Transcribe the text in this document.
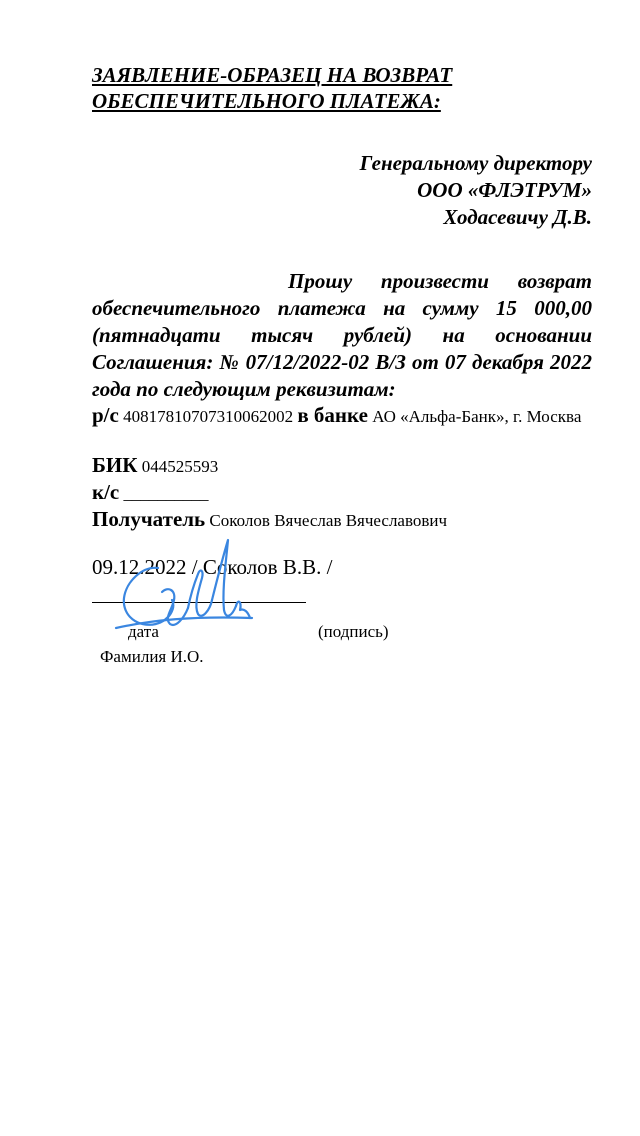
ЗАЯВЛЕНИЕ-ОБРАЗЕЦ НА ВОЗВРАТ
ОБЕСПЕЧИТЕЛЬНОГО ПЛАТЕЖА:
Генеральному директору
ООО «ФЛЭТРУМ»
Ходасевичу Д.В.
Прошу произвести возврат обеспечительного платежа на сумму 15 000,00 (пятнадцати тысяч рублей) на основании Соглашения: № 07/12/2022-02 В/З от 07 декабря 2022 года по следующим реквизитам:
р/с 40817810707310062002 в банке АО «Альфа-Банк», г. Москва
БИК 044525593
к/с __________
Получатель Соколов Вячеслав Вячеславович
09.12.2022 / Соколов В.В. /
дата	(подпись)
Фамилия И.О.
